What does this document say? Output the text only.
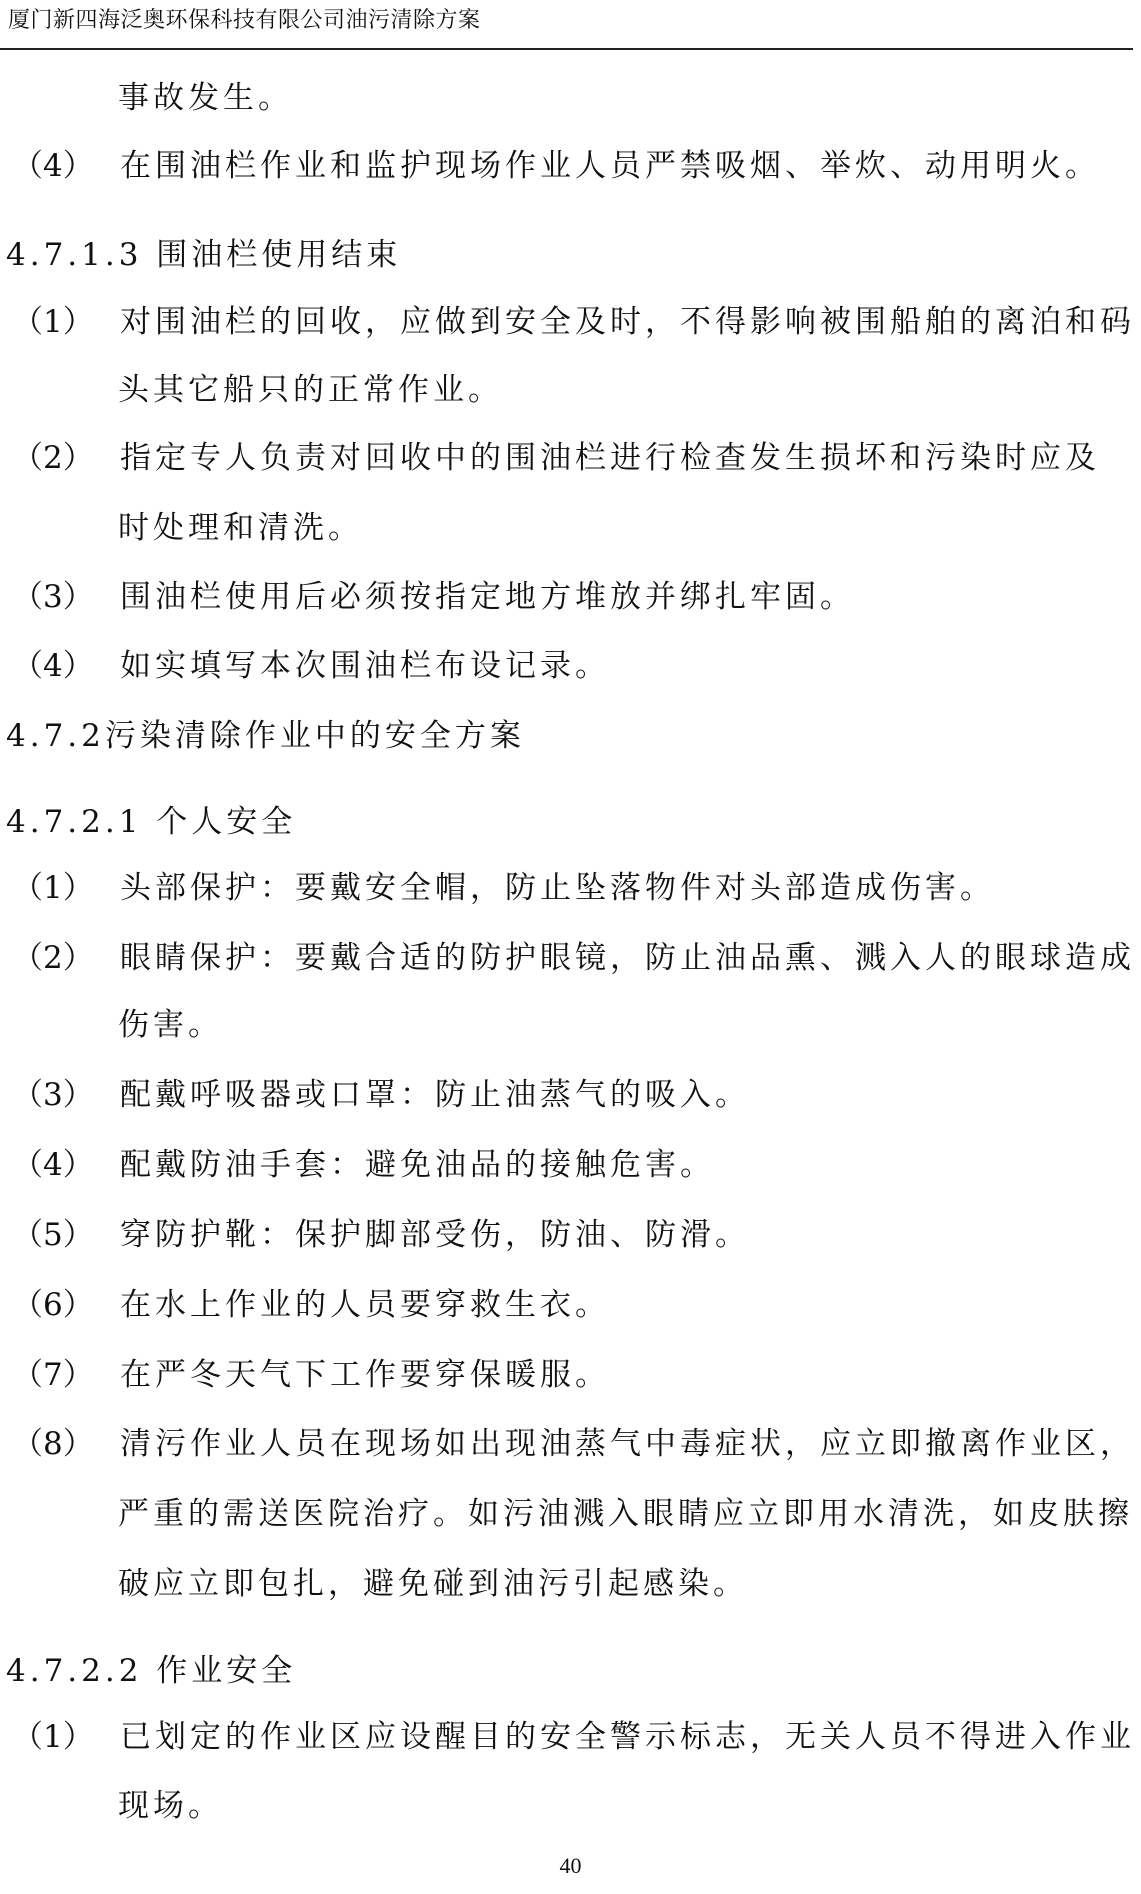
厦门新四海泛奥环保科技有限公司油污清除方案
事故发生。
（4） 在围油栏作业和监护现场作业人员严禁吸烟、举炊、动用明火。
4.7.1.3 围油栏使用结束
（1） 对围油栏的回收，应做到安全及时，不得影响被围船舶的离泊和码
头其它船只的正常作业。
（2） 指定专人负责对回收中的围油栏进行检查发生损坏和污染时应及
时处理和清洗。
（3） 围油栏使用后必须按指定地方堆放并绑扎牢固。
（4） 如实填写本次围油栏布设记录。
4.7.2污染清除作业中的安全方案
4.7.2.1 个人安全
（1） 头部保护：要戴安全帽，防止坠落物件对头部造成伤害。
（2） 眼睛保护：要戴合适的防护眼镜，防止油品熏、溅入人的眼球造成
伤害。
（3） 配戴呼吸器或口罩：防止油蒸气的吸入。
（4） 配戴防油手套：避免油品的接触危害。
（5） 穿防护靴：保护脚部受伤，防油、防滑。
（6） 在水上作业的人员要穿救生衣。
（7） 在严冬天气下工作要穿保暖服。
（8） 清污作业人员在现场如出现油蒸气中毒症状，应立即撤离作业区，
严重的需送医院治疗。如污油溅入眼睛应立即用水清洗，如皮肤擦
破应立即包扎，避免碰到油污引起感染。
4.7.2.2 作业安全
（1） 已划定的作业区应设醒目的安全警示标志，无关人员不得进入作业
现场。
40
